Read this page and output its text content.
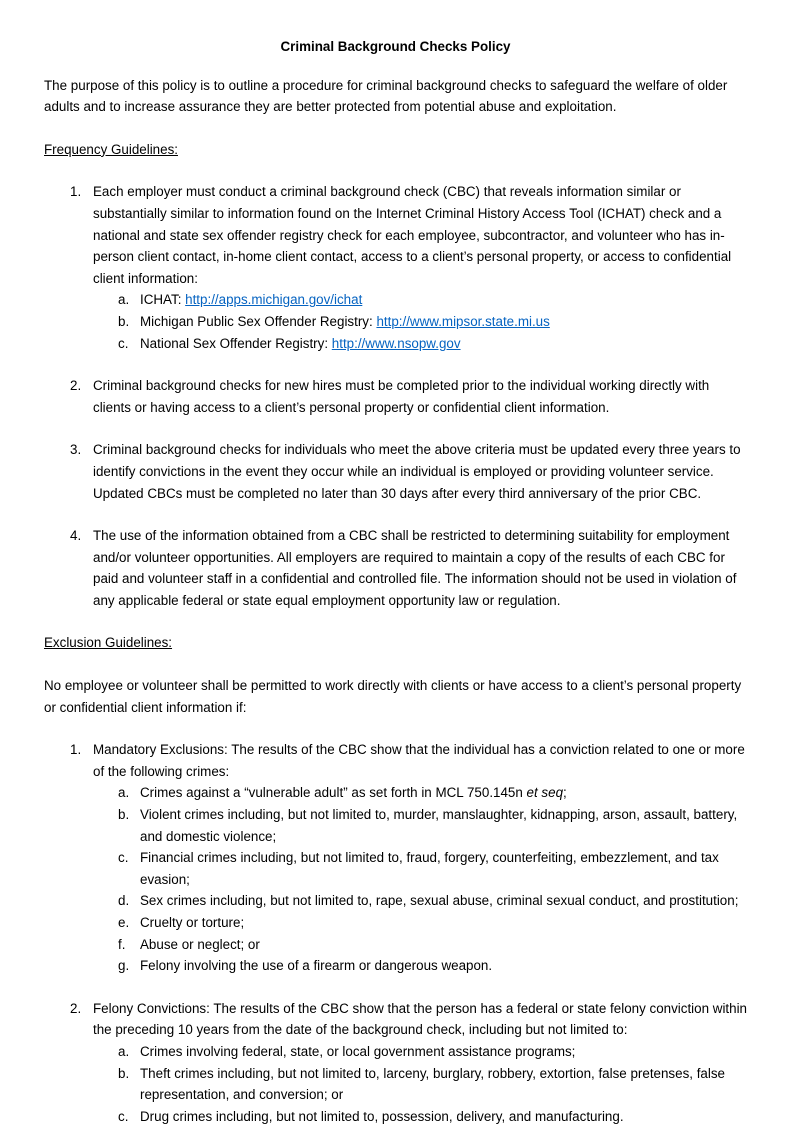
Criminal Background Checks Policy
The purpose of this policy is to outline a procedure for criminal background checks to safeguard the welfare of older adults and to increase assurance they are better protected from potential abuse and exploitation.
Frequency Guidelines:
1. Each employer must conduct a criminal background check (CBC) that reveals information similar or substantially similar to information found on the Internet Criminal History Access Tool (ICHAT) check and a national and state sex offender registry check for each employee, subcontractor, and volunteer who has in-person client contact, in-home client contact, access to a client’s personal property, or access to confidential client information:
a. ICHAT: http://apps.michigan.gov/ichat
b. Michigan Public Sex Offender Registry: http://www.mipsor.state.mi.us
c. National Sex Offender Registry: http://www.nsopw.gov
2. Criminal background checks for new hires must be completed prior to the individual working directly with clients or having access to a client’s personal property or confidential client information.
3. Criminal background checks for individuals who meet the above criteria must be updated every three years to identify convictions in the event they occur while an individual is employed or providing volunteer service. Updated CBCs must be completed no later than 30 days after every third anniversary of the prior CBC.
4. The use of the information obtained from a CBC shall be restricted to determining suitability for employment and/or volunteer opportunities. All employers are required to maintain a copy of the results of each CBC for paid and volunteer staff in a confidential and controlled file. The information should not be used in violation of any applicable federal or state equal employment opportunity law or regulation.
Exclusion Guidelines:
No employee or volunteer shall be permitted to work directly with clients or have access to a client’s personal property or confidential client information if:
1. Mandatory Exclusions: The results of the CBC show that the individual has a conviction related to one or more of the following crimes:
a. Crimes against a “vulnerable adult” as set forth in MCL 750.145n et seq;
b. Violent crimes including, but not limited to, murder, manslaughter, kidnapping, arson, assault, battery, and domestic violence;
c. Financial crimes including, but not limited to, fraud, forgery, counterfeiting, embezzlement, and tax evasion;
d. Sex crimes including, but not limited to, rape, sexual abuse, criminal sexual conduct, and prostitution;
e. Cruelty or torture;
f.	Abuse or neglect; or
g. Felony involving the use of a firearm or dangerous weapon.
2. Felony Convictions: The results of the CBC show that the person has a federal or state felony conviction within the preceding 10 years from the date of the background check, including but not limited to:
a. Crimes involving federal, state, or local government assistance programs;
b. Theft crimes including, but not limited to, larceny, burglary, robbery, extortion, false pretenses, false representation, and conversion; or
c. Drug crimes including, but not limited to, possession, delivery, and manufacturing.
